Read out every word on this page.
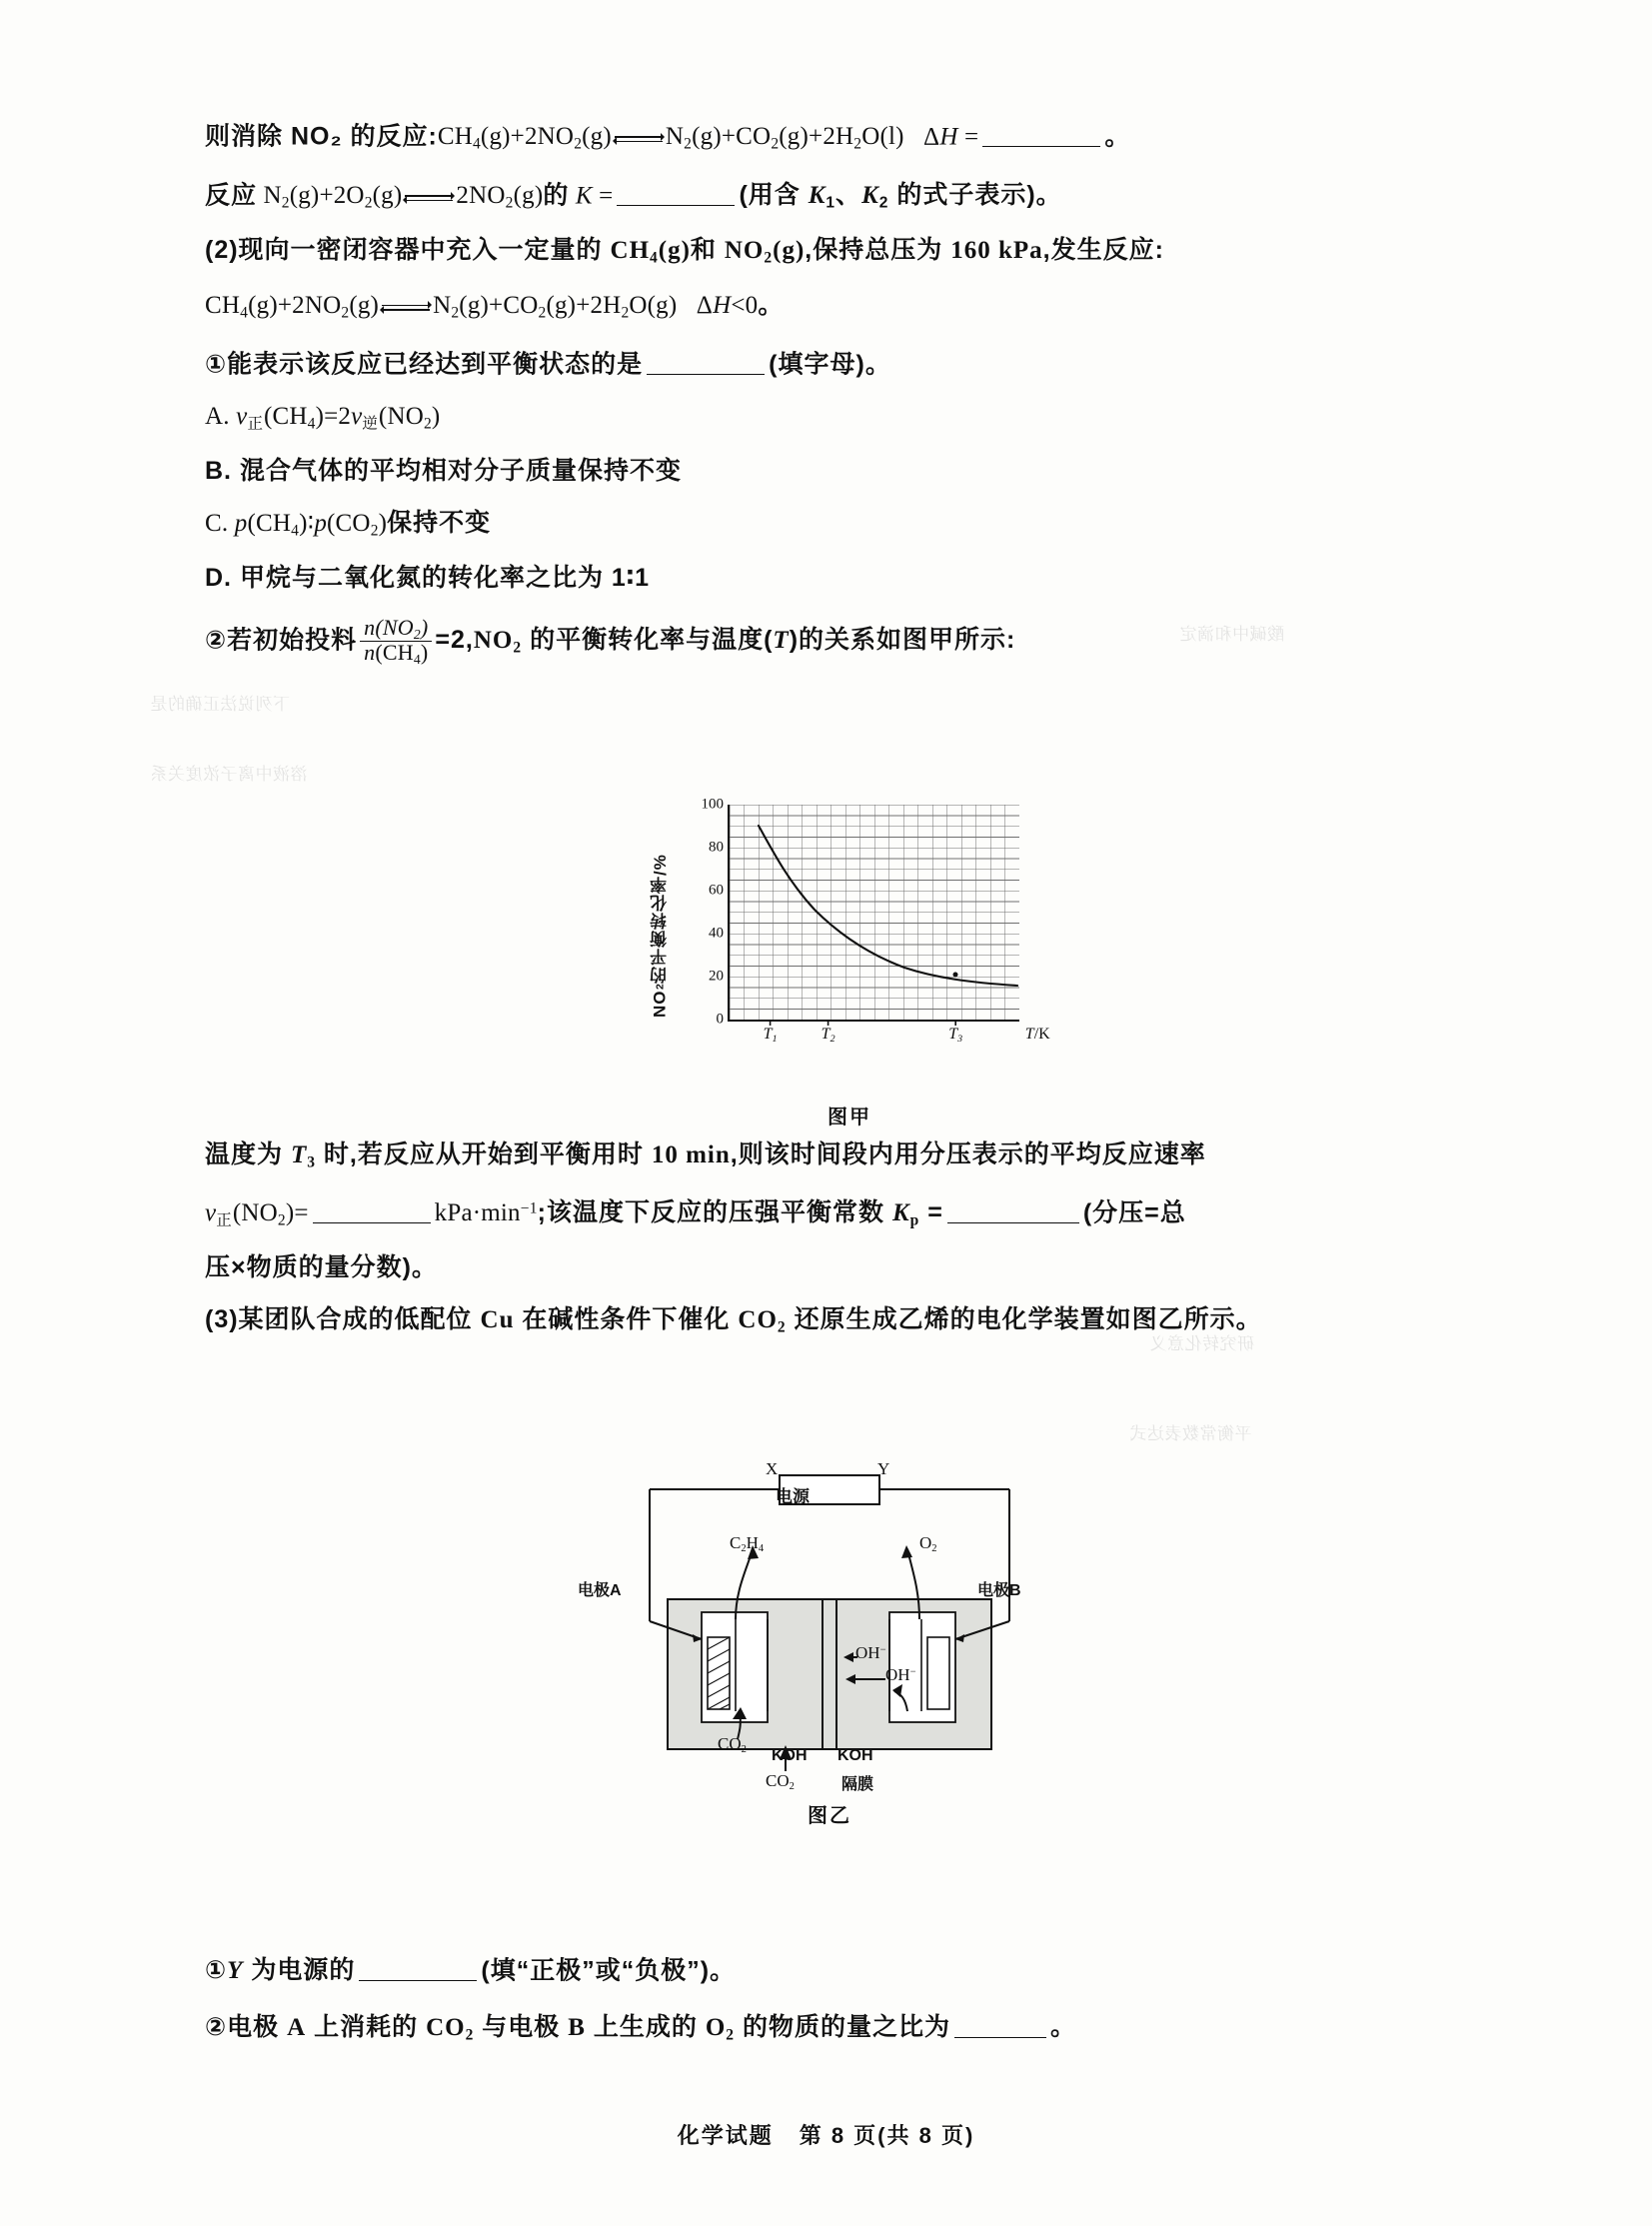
酸碱中和滴定
下列说法正确的是
溶液中离子浓度关系
研究转化意义
平衡常数表达式
则消除 NO₂ 的反应$:CH_4(g)+2NO_2(g)$ $N_2(g)+CO_2(g)+2H_2O(l) \Delta H$ =	。
反应 $N_2(g)+2O_2(g)$ $2NO_2(g)$的 K =	(用含 $K_1$、$K_2$ 的式子表示)。
(2)现向一密闭容器中充入一定量的 $CH_4(g)$和 $NO_2(g)$,保持总压为 160 kPa,发生反应:
$CH_4(g)+2NO_2(g)$ $N_2(g)+CO_2(g)+2H_2O(g)$ ΔH<0。
①能表示该反应已经达到平衡状态的是	(填字母)。
A. $v_正(CH_4)=2v_逆(NO_2)$
B. 混合气体的平均相对分子质量保持不变
C. $p(CH_4)∶p(CO_2)$保持不变
D. 甲烷与二氧化氮的转化率之比为 1∶1
②若初始投料 $\frac{n(NO_2)}{n(CH_4)} =2,NO_2$ 的平衡转化率与温度(T)的关系如图甲所示:
NO
2
的平衡转化率/%
100
80
60
40
20
0
$T_1$	$T_2$	$T_3$	T/K
图甲
温度为 $T_3$ 时,若反应从开始到平衡用时 10 min,则该时间段内用分压表示的平均反应速率
$v_正(NO_2)=$	$kPa\cdot\min^{-1}$;该温度下反应的压强平衡常数 $K_p$ =	(分压=总
压×物质的量分数)。
(3)某团队合成的低配位 Cu 在碱性条件下催化 $CO_2$ 还原生成乙烯的电化学装置如图乙所示。
电源
X	Y
电极A	电极B
$C_2H_4$	$O_2$
$CO_2$
$CO_2$
OH−
OH−
KOH KOH
隔膜
图乙
①Y 为电源的	(填“正极”或“负极”)。
②电极 A 上消耗的 $CO_2$ 与电极 B 上生成的 $O_2$ 的物质的量之比为	。
化学试题 第 8 页(共 8 页)
